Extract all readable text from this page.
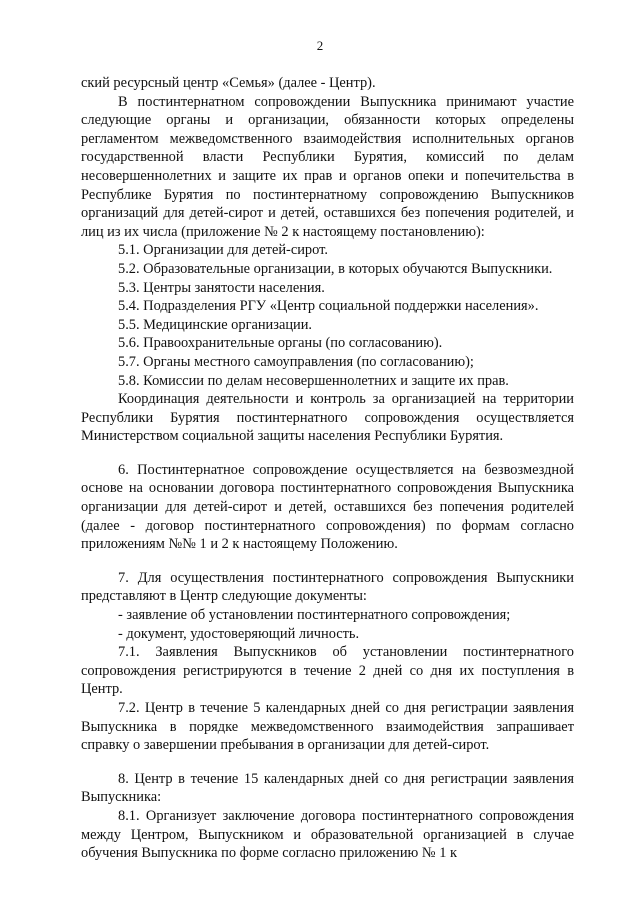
2

ский ресурсный центр «Семья» (далее - Центр).

В постинтернатном сопровождении Выпускника принимают участие следующие органы и организации, обязанности которых определены регламентом межведомственного взаимодействия исполнительных органов государственной власти Республики Бурятия, комиссий по делам несовершеннолетних и защите их прав и органов опеки и попечительства в Республике Бурятия по постинтернатному сопровождению Выпускников организаций для детей-сирот и детей, оставшихся без попечения родителей, и лиц из их числа (приложение № 2 к настоящему постановлению):

5.1. Организации для детей-сирот.

5.2. Образовательные организации, в которых обучаются Выпускники.

5.3. Центры занятости населения.

5.4. Подразделения РГУ «Центр социальной поддержки населения».

5.5. Медицинские организации.

5.6. Правоохранительные органы (по согласованию).

5.7. Органы местного самоуправления (по согласованию);

5.8. Комиссии по делам несовершеннолетних и защите их прав.

Координация деятельности и контроль за организацией на территории Республики Бурятия постинтернатного сопровождения осуществляется Министерством социальной защиты населения Республики Бурятия.

6. Постинтернатное сопровождение осуществляется на безвозмездной основе на основании договора постинтернатного сопровождения Выпускника организации для детей-сирот и детей, оставшихся без попечения родителей (далее - договор постинтернатного сопровождения) по формам согласно приложениям №№ 1 и 2 к настоящему Положению.

7. Для осуществления постинтернатного сопровождения Выпускники представляют в Центр следующие документы:

- заявление об установлении постинтернатного сопровождения;

- документ, удостоверяющий личность.

7.1. Заявления Выпускников об установлении постинтернатного сопровождения регистрируются в течение 2 дней со дня их поступления в Центр.

7.2. Центр в течение 5 календарных дней со дня регистрации заявления Выпускника в порядке межведомственного взаимодействия запрашивает справку о завершении пребывания в организации для детей-сирот.

8. Центр в течение 15 календарных дней со дня регистрации заявления Выпускника:

8.1. Организует заключение договора постинтернатного сопровождения между Центром, Выпускником и образовательной организацией в случае обучения Выпускника по форме согласно приложению № 1 к
